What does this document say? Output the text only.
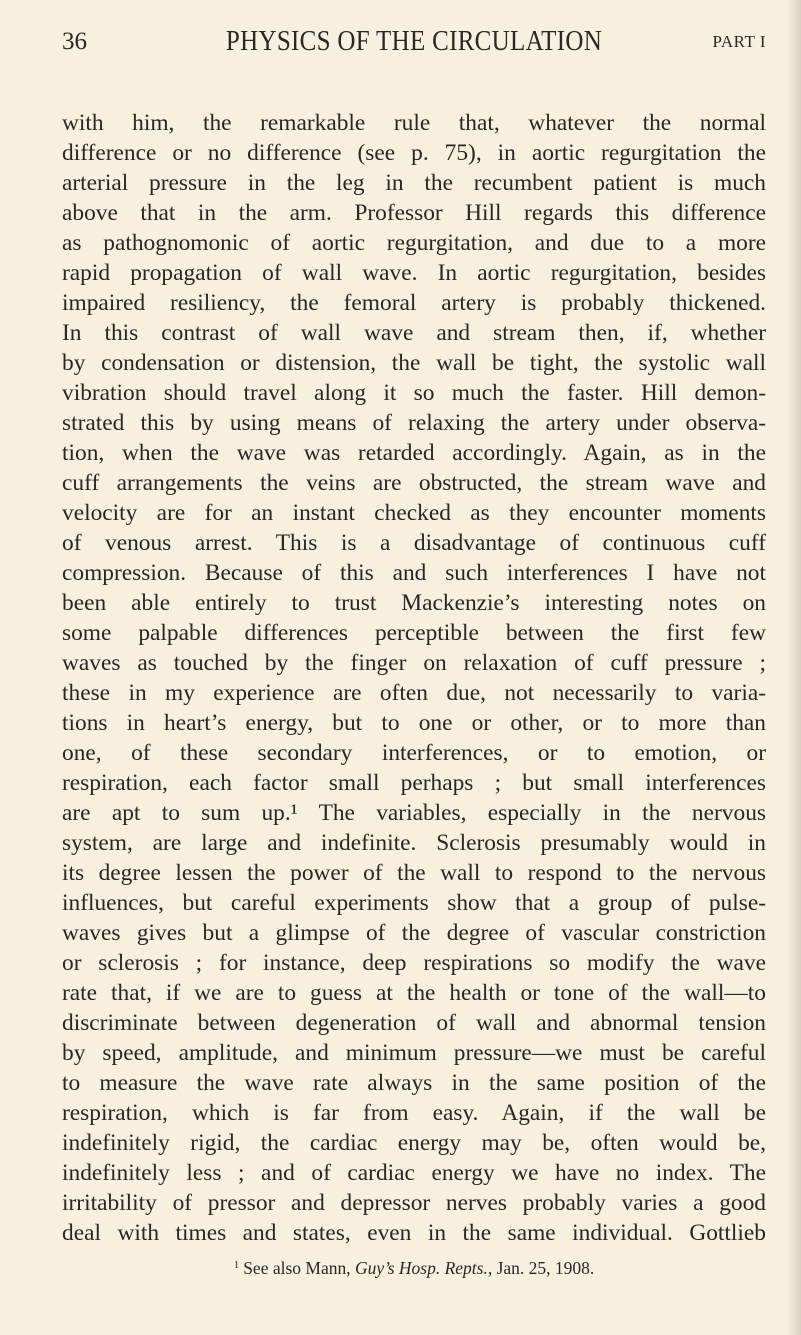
36	PHYSICS OF THE CIRCULATION	PART I
with him, the remarkable rule that, whatever the normal
difference or no difference (see p. 75), in aortic regurgitation the
arterial pressure in the leg in the recumbent patient is much
above that in the arm. Professor Hill regards this difference
as pathognomonic of aortic regurgitation, and due to a more
rapid propagation of wall wave. In aortic regurgitation, besides
impaired resiliency, the femoral artery is probably thickened.
In this contrast of wall wave and stream then, if, whether
by condensation or distension, the wall be tight, the systolic wall
vibration should travel along it so much the faster. Hill demon-
strated this by using means of relaxing the artery under observa-
tion, when the wave was retarded accordingly. Again, as in the
cuff arrangements the veins are obstructed, the stream wave and
velocity are for an instant checked as they encounter moments
of venous arrest. This is a disadvantage of continuous cuff
compression. Because of this and such interferences I have not
been able entirely to trust Mackenzie’s interesting notes on
some palpable differences perceptible between the first few
waves as touched by the finger on relaxation of cuff pressure ;
these in my experience are often due, not necessarily to varia-
tions in heart’s energy, but to one or other, or to more than
one, of these secondary interferences, or to emotion, or
respiration, each factor small perhaps ; but small interferences
are apt to sum up.¹ The variables, especially in the nervous
system, are large and indefinite. Sclerosis presumably would in
its degree lessen the power of the wall to respond to the nervous
influences, but careful experiments show that a group of pulse-
waves gives but a glimpse of the degree of vascular constriction
or sclerosis ; for instance, deep respirations so modify the wave
rate that, if we are to guess at the health or tone of the wall—to
discriminate between degeneration of wall and abnormal tension
by speed, amplitude, and minimum pressure—we must be careful
to measure the wave rate always in the same position of the
respiration, which is far from easy. Again, if the wall be
indefinitely rigid, the cardiac energy may be, often would be,
indefinitely less ; and of cardiac energy we have no index. The
irritability of pressor and depressor nerves probably varies a good
deal with times and states, even in the same individual. Gottlieb
$^1$ See also Mann, Guy’s Hosp. Repts., Jan. 25, 1908.
